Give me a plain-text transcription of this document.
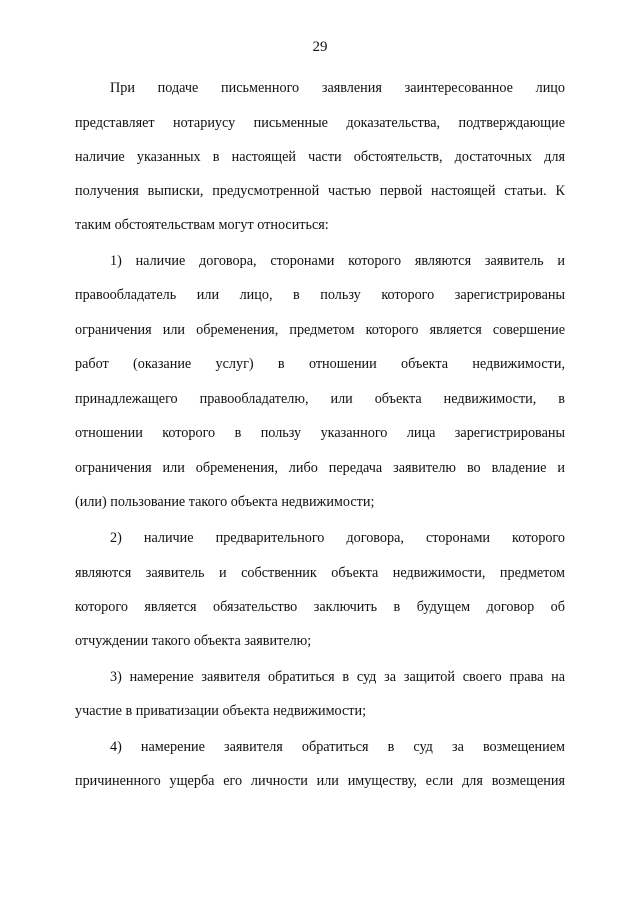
29
При подаче письменного заявления заинтересованное лицо
представляет нотариусу письменные доказательства, подтверждающие
наличие указанных в настоящей части обстоятельств, достаточных для
получения выписки, предусмотренной частью первой настоящей статьи. К
таким обстоятельствам могут относиться:
1) наличие договора, сторонами которого являются заявитель и
правообладатель или лицо, в пользу которого зарегистрированы
ограничения или обременения, предметом которого является совершение
работ (оказание услуг) в отношении объекта недвижимости,
принадлежащего правообладателю, или объекта недвижимости, в
отношении которого в пользу указанного лица зарегистрированы
ограничения или обременения, либо передача заявителю во владение и
(или) пользование такого объекта недвижимости;
2) наличие предварительного договора, сторонами которого
являются заявитель и собственник объекта недвижимости, предметом
которого является обязательство заключить в будущем договор об
отчуждении такого объекта заявителю;
3) намерение заявителя обратиться в суд за защитой своего права на
участие в приватизации объекта недвижимости;
4) намерение заявителя обратиться в суд за возмещением
причиненного ущерба его личности или имуществу, если для возмещения
